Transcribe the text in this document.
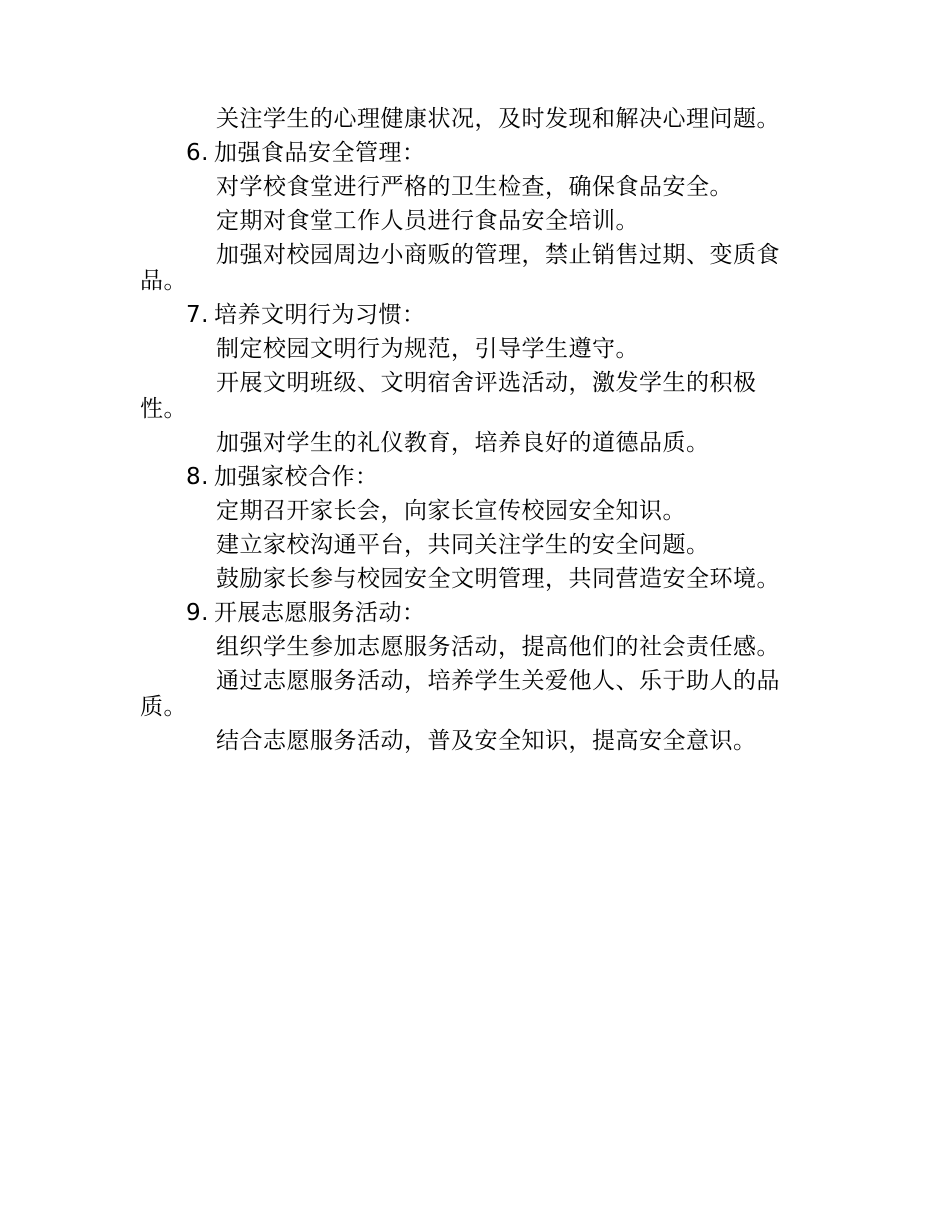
关注学生的心理健康状况，及时发现和解决心理问题。
6. 加强食品安全管理：
对学校食堂进行严格的卫生检查，确保食品安全。
定期对食堂工作人员进行食品安全培训。
加强对校园周边小商贩的管理，禁止销售过期、变质食品。
7. 培养文明行为习惯：
制定校园文明行为规范，引导学生遵守。
开展文明班级、文明宿舍评选活动，激发学生的积极性。
加强对学生的礼仪教育，培养良好的道德品质。
8. 加强家校合作：
定期召开家长会，向家长宣传校园安全知识。
建立家校沟通平台，共同关注学生的安全问题。
鼓励家长参与校园安全文明管理，共同营造安全环境。
9. 开展志愿服务活动：
组织学生参加志愿服务活动，提高他们的社会责任感。
通过志愿服务活动，培养学生关爱他人、乐于助人的品质。
结合志愿服务活动，普及安全知识，提高安全意识。
